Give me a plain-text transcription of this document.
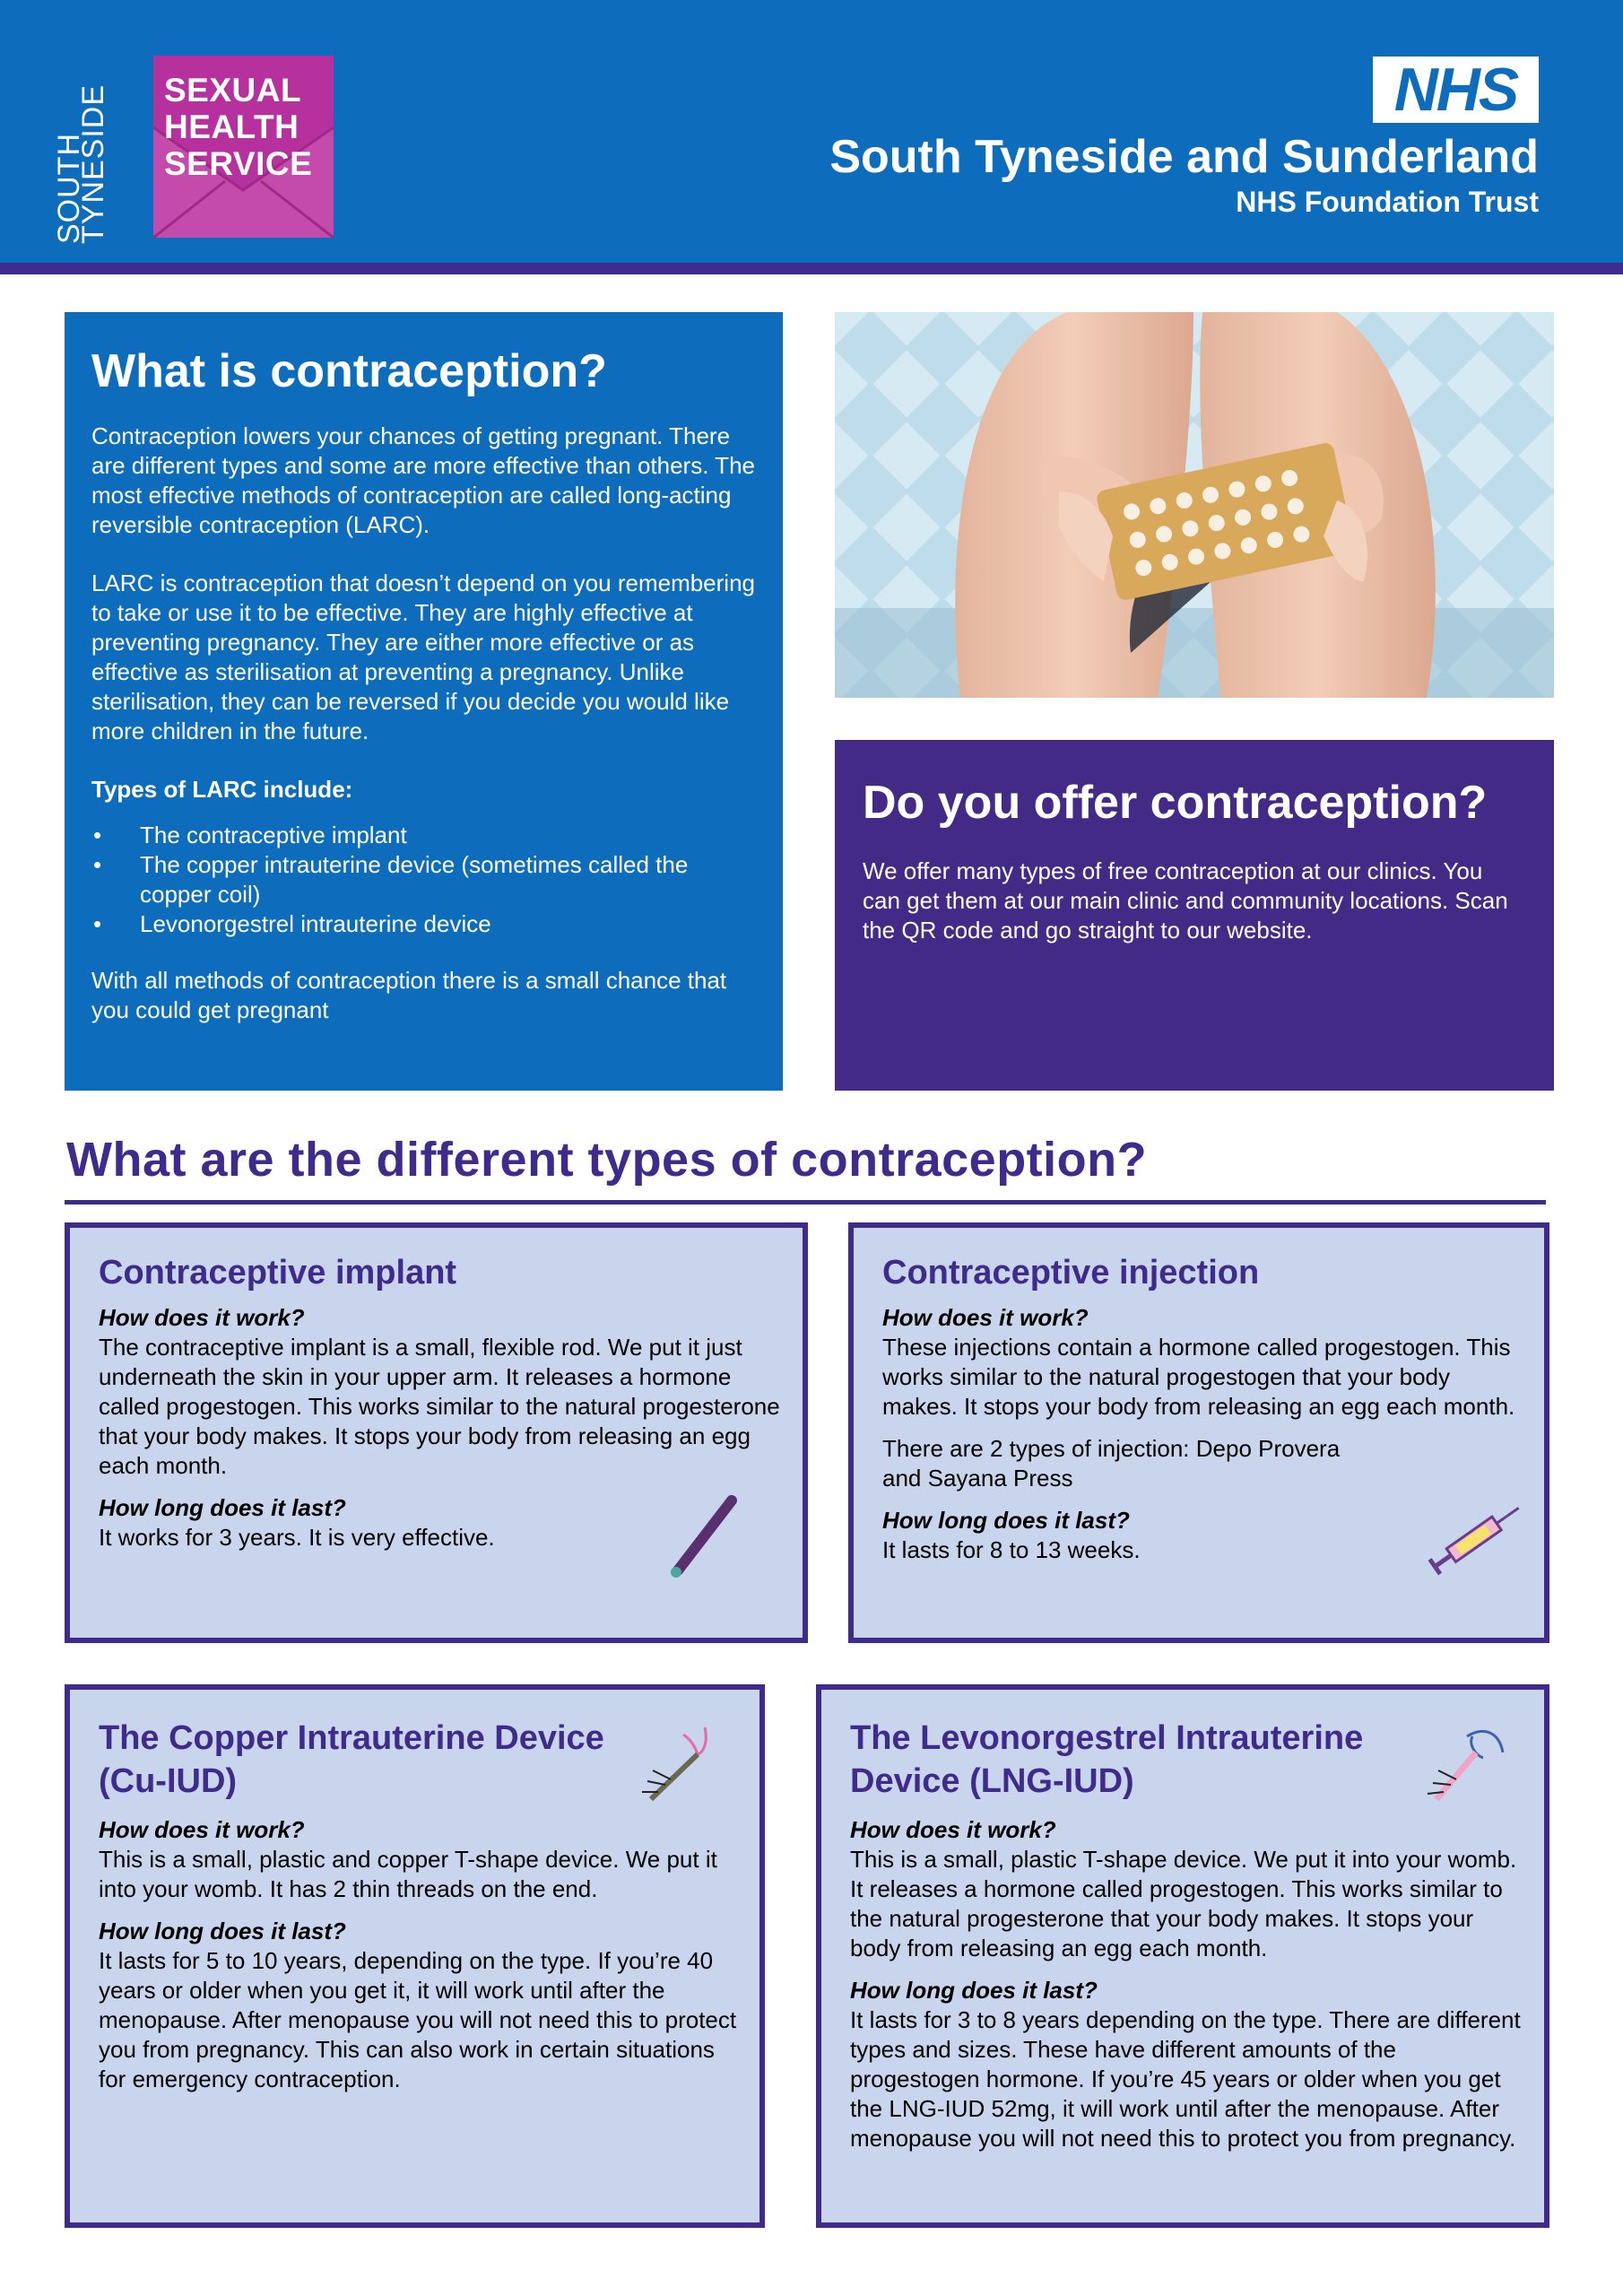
SOUTH
TYNESIDE SEXUAL
HEALTH
SERVICE
NHS
South Tyneside and Sunderland
NHS Foundation Trust
What is contraception?

Contraception lowers your chances of getting pregnant. There are different types and some are more effective than others. The most effective methods of contraception are called long-acting reversible contraception (LARC).

LARC is contraception that doesn’t depend on you remembering to take or use it to be effective. They are highly effective at preventing pregnancy. They are either more effective or as effective as sterilisation at preventing a pregnancy. Unlike sterilisation, they can be reversed if you decide you would like more children in the future.

Types of LARC include:
• The contraceptive implant
• The copper intrauterine device (sometimes called the copper coil)
• Levonorgestrel intrauterine device

With all methods of contraception there is a small chance that you could get pregnant

Do you offer contraception?
We offer many types of free contraception at our clinics. You can get them at our main clinic and community locations. Scan the QR code and go straight to our website.
What are the different types of contraception?
Contraceptive implant
How does it work?

The contraceptive implant is a small, flexible rod. We put it just underneath the skin in your upper arm. It releases a hormone called progestogen. This works similar to the natural progesterone that your body makes. It stops your body from releasing an egg each month.

How long does it last?

It works for 3 years. It is very effective.

Contraceptive injection
How does it work?

These injections contain a hormone called progestogen. This works similar to the natural progestogen that your body makes. It stops your body from releasing an egg each month.

There are 2 types of injection: Depo Provera and Sayana Press

How long does it last?

It lasts for 8 to 13 weeks.

The Copper Intrauterine Device
(Cu-IUD)
How does it work?

This is a small, plastic and copper T-shape device. We put it into your womb. It has 2 thin threads on the end.

How long does it last?

It lasts for 5 to 10 years, depending on the type. If you’re 40 years or older when you get it, it will work until after the menopause. After menopause you will not need this to protect you from pregnancy. This can also work in certain situations for emergency contraception.

The Levonorgestrel Intrauterine
Device (LNG-IUD)
How does it work?

This is a small, plastic T-shape device. We put it into your womb. It releases a hormone called progestogen. This works similar to the natural progesterone that your body makes. It stops your body from releasing an egg each month.

How long does it last?

It lasts for 3 to 8 years depending on the type. There are different types and sizes. These have different amounts of the progestogen hormone. If you’re 45 years or older when you get the LNG-IUD 52mg, it will work until after the menopause. After menopause you will not need this to protect you from pregnancy.
